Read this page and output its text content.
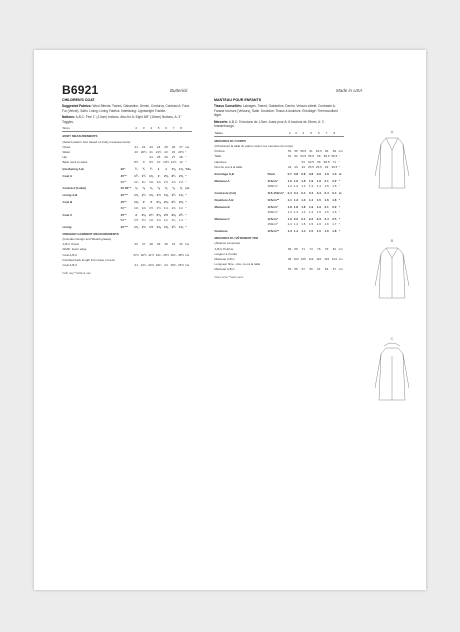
B6921	Butterick	Made in USA
CHILDREN'S COAT

Suggested Fabrics: Wool Blends, Tweed, Gabardine, Denim, Corduroy. Contrast A: Faux Fur (Velvet), Satin. Lining: Lining Fabrics. Interfacing: Lightweight Fusible.

Notions: A,B,C: Five 1" (1.5cm) buttons. Also for A: Eight 5/8" (15mm) Buttons, A: 3" Toggles.

Sizes		2	3	4	5	6	7	8	
BODY MEASUREMENTS									
(Select pattern size based on body measurements)									
Chest		21	22	23	24	25	26	27	ins
Waist		20	20½	21	21½	22	23	23½	"
Hip				24	25	26	27	28	"
Back neck to waist		8½	9	9½	10	10½	11½	12	"
Interfacing A,B	20"	¾	¾	¾	1	1	1⅛	1⅛	Yds
Coat A	45"*	1¾	1¾	1⅞	2	2⅛	2¼	2⅜	"
	60"*	1¼	1¼	1⅜	1⅜	1½	1⅝	1⅝	"
Contrast (Collar)	45-60"*	⅜	⅜	⅜	⅜	⅜	⅜	⅜	yd.
Lining A,B	45"**	1⅛	1¼	1⅜	1½	1⅝	1¾	1⅞	"
Coat B	45"*	1⅞	2	2	2⅛	2⅛	2¼	2⅜	"
	60"*	1⅜	1⅜	1½	1½	1⅝	1⅝	1¾	"
Coat C	45"*	2	2⅛	2¼	2⅜	2½	2⅝	2¾	"
	60"*	1½	1½	1⅝	1⅝	1¾	1¾	1⅞	"
Lining	45"**	1⅜	1½	1½	1⅝	1⅝	1¾	1⅞	"
FINISHED GARMENT MEASUREMENTS									
(Includes Design and Wearing Ease)									
A,B,C Chest		26	27	28	29	30	31	32	ins
Width, lower edge									
Coat A,B,C		37¾	40½	41½	44¾	45½	46¾	48½	ins
Finished back length from base of neck									
Coat A,B,C		21	21¾	22½	23¼	24	25¼	26½	ins
*with nap **without nap
MANTEAU POUR ENFANTS

Tissus Conseillés: Lainages, Tweed, Gabardine, Denim, Velours côtelé. Contraste A: Fausse fourrure (Velours), Satin. Doublure: Tissus à doublure. Entoilage: Thermocollant léger.

Mercerie: A,B,C: 5 boutons de 1,5cm. Aussi pour A: 8 boutons de 15mm, A: 3 brandebourgs.

Tailles		2	3	4	5	6	7	8	
MESURES DU CORPS									
(Choisissez la taille du patron selon vos mesures du corps)									
Poitrine		53	56	58.5	61	63.5	66	69	cm
Taille		51	52	53.5	55.5	56	58.5	59.5	"
Hanches				61	63.5	66	68.5	71	"
Dos du cou à la taille		22	23	24	25.5	26.5	29	30.5	"
Entoilage A,B	50cm	0.7	0.8	0.8	0.8	0.9	1.0	1.0	m
Manteau A	115cm*	1.6	1.6	1.8	1.9	1.9	2.1	2.2	"
	150cm*	1.2	1.2	1.3	1.3	1.4	1.5	1.5	"
Contraste (Col)	115-150cm*	0.4	0.4	0.4	0.4	0.4	0.4	0.4	m
Doublure A,B	115cm**	1.1	1.2	1.3	1.4	1.5	1.6	1.8	"
Manteau B	115cm*	1.8	1.8	1.8	1.9	1.9	2.1	2.2	"
	150cm*	1.3	1.3	1.4	1.4	1.5	1.5	1.6	"
Manteau C	115cm*	1.9	2.0	2.1	2.2	2.3	2.4	2.5	"
	150cm*	1.4	1.4	1.5	1.5	1.6	1.6	1.7	"
Doublure	115cm**	1.3	1.4	1.4	1.5	1.5	1.6	1.8	"
MESURES DU VÊTEMENT FINI									
(Aisance comprise)									
A,B,C Poitrine		66	69	71	74	76	79	81	cm
Largeur à l'ourlet									
Manteau A,B,C		96	103	105	114	116	119	123	cm
Longueur finie - dos, cou à la taille									
Manteau A,B,C		53	55	57	59	61	64	67	cm
*avec sens **sans sens
A
B
C
